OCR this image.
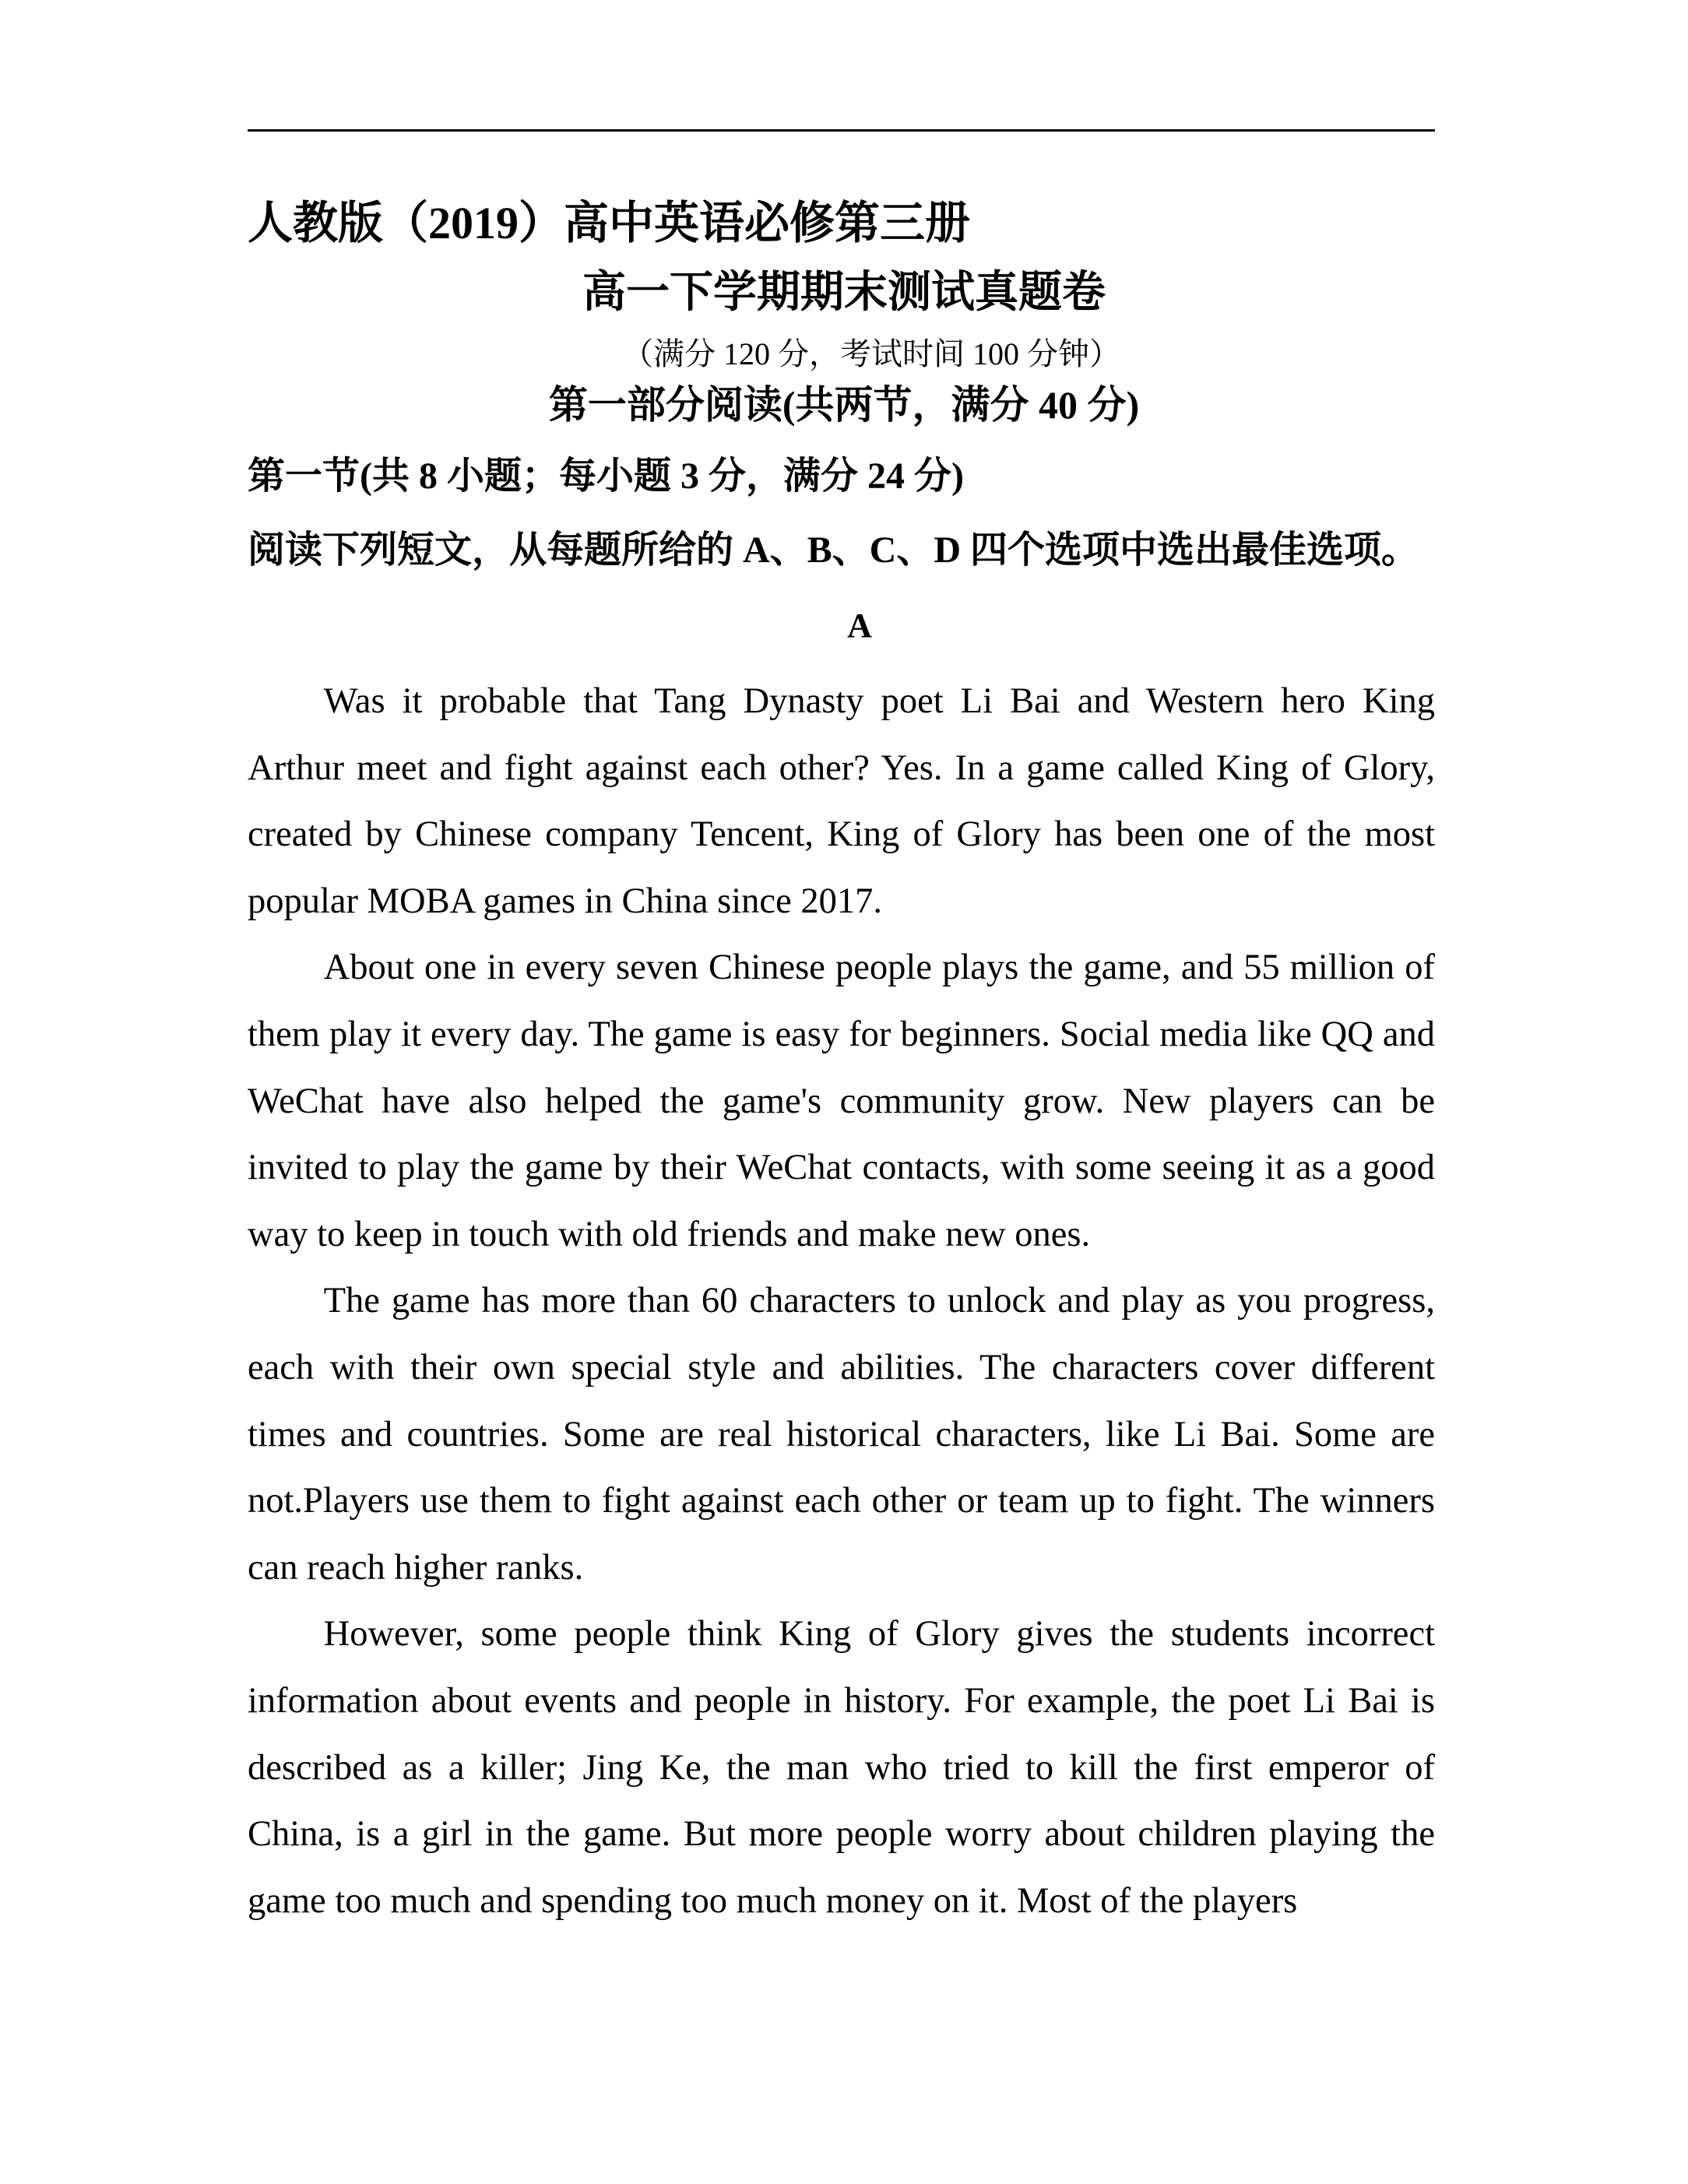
人教版（2019）高中英语必修第三册
高一下学期期末测试真题卷
（满分 120 分，考试时间 100 分钟）
第一部分阅读(共两节，满分 40 分)
第一节(共 8 小题；每小题 3 分，满分 24 分)
阅读下列短文，从每题所给的 A、B、C、D 四个选项中选出最佳选项。
A

Was it probable that Tang Dynasty poet Li Bai and Western hero King Arthur meet and fight against each other? Yes. In a game called King of Glory, created by Chinese company Tencent, King of Glory has been one of the most popular MOBA games in China since 2017.

About one in every seven Chinese people plays the game, and 55 million of them play it every day. The game is easy for beginners. Social media like QQ and WeChat have also helped the game's community grow. New players can be invited to play the game by their WeChat contacts, with some seeing it as a good way to keep in touch with old friends and make new ones.

The game has more than 60 characters to unlock and play as you progress, each with their own special style and abilities. The characters cover different times and countries. Some are real historical characters, like Li Bai. Some are not.Players use them to fight against each other or team up to fight. The winners can reach higher ranks.

However, some people think King of Glory gives the students incorrect information about events and people in history. For example, the poet Li Bai is described as a killer; Jing Ke, the man who tried to kill the first emperor of China, is a girl in the game. But more people worry about children playing the game too much and spending too much money on it. Most of the players
